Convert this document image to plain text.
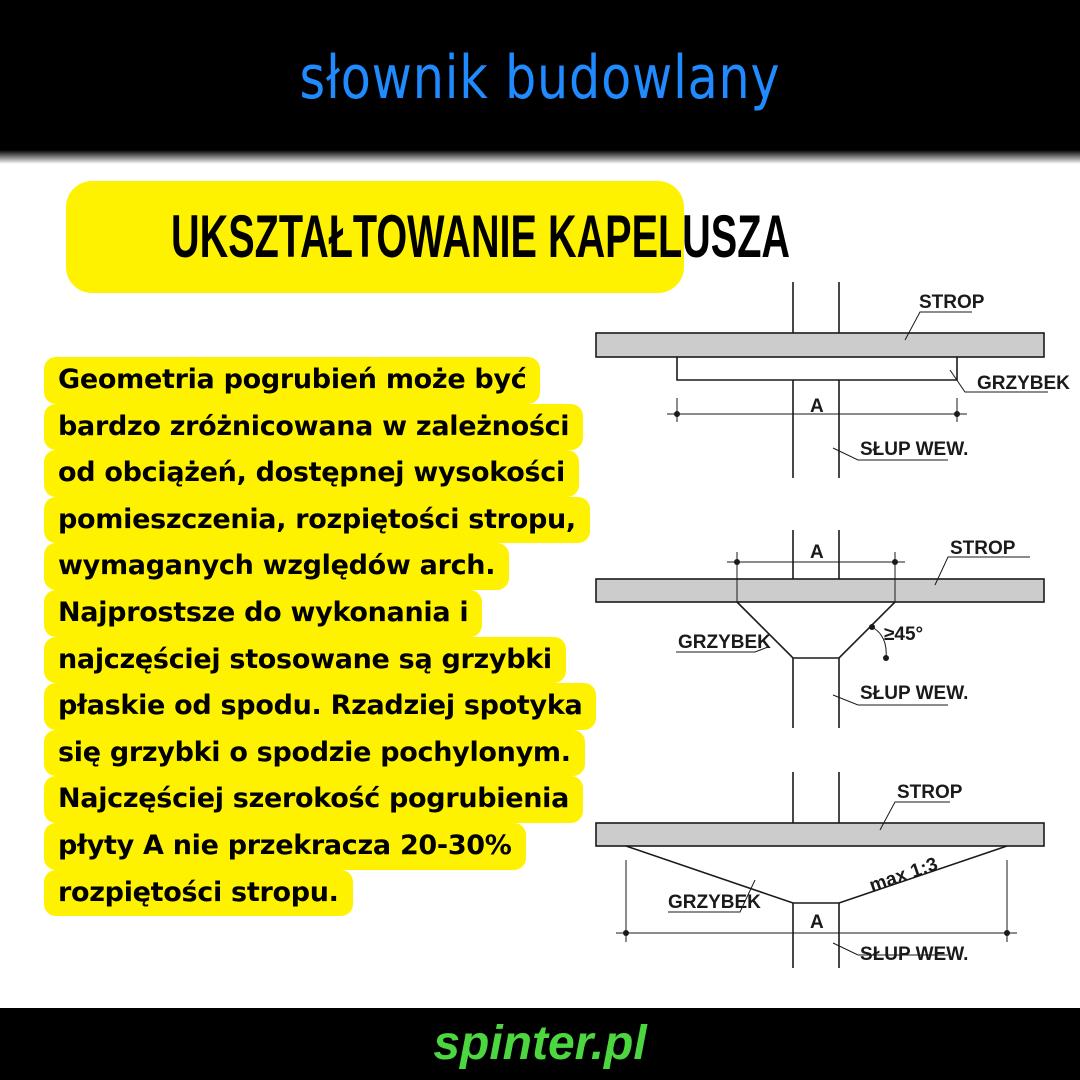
słownik budowlany
UKSZTAŁTOWANIE KAPELUSZA
Geometria pogrubień może być
bardzo zróżnicowana w zależności
od obciążeń, dostępnej wysokości
pomieszczenia, rozpiętości stropu,
wymaganych względów arch.
Najprostsze do wykonania i
najczęściej stosowane są grzybki
płaskie od spodu. Rzadziej spotyka
się grzybki o spodzie pochylonym.
Najczęściej szerokość pogrubienia
płyty A nie przekracza 20-30%
rozpiętości stropu.
STROP
GRZYBEK
SŁUP WEW.
A
STROP
GRZYBEK
SŁUP WEW.
A
≥45°
STROP
GRZYBEK
SŁUP WEW.
A
max 1:3
spinter.pl
